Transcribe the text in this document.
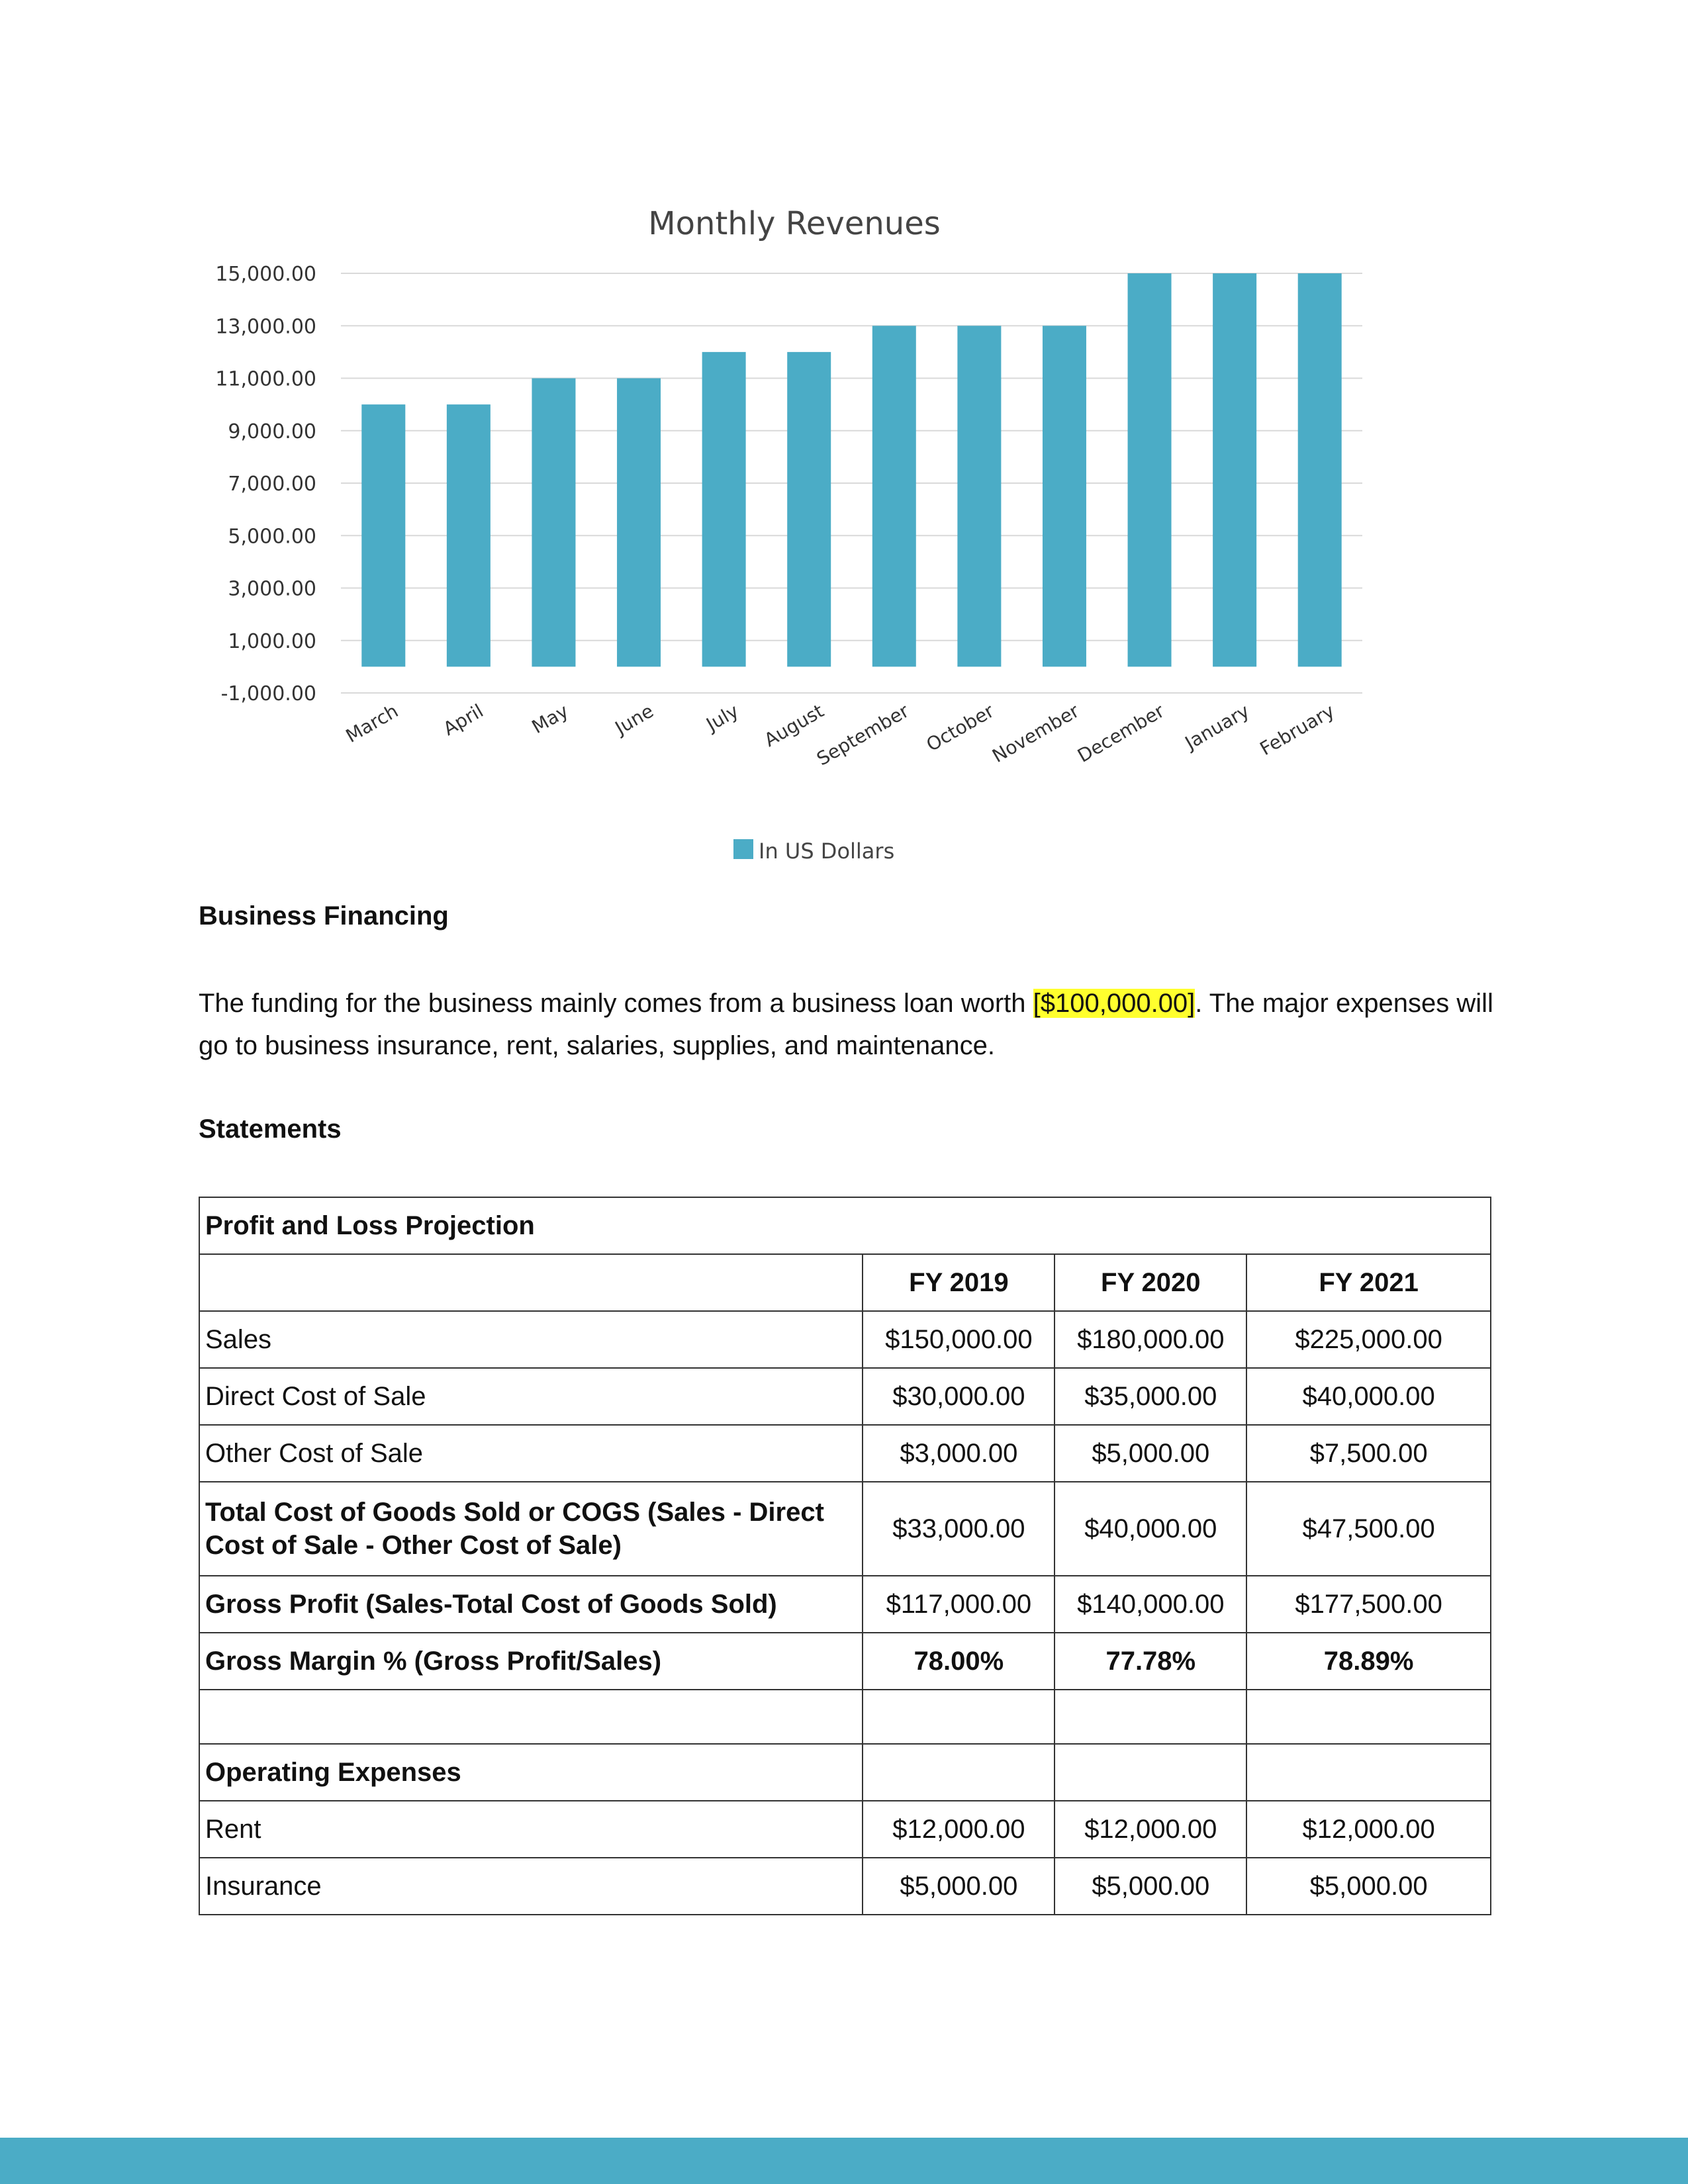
Monthly Revenues
15,000.00
13,000.00
11,000.00
9,000.00
7,000.00
5,000.00
3,000.00
1,000.00
-1,000.00
March April May June July August
September October
November
December January February
In US Dollars
Business Financing

The funding for the business mainly comes from a business loan worth [$100,000.00]. The major expenses will go to business insurance, rent, salaries, supplies, and maintenance.

Statements
Profit and Loss Projection			
	FY 2019	FY 2020	FY 2021
Sales	$150,000.00	$180,000.00	$225,000.00
Direct Cost of Sale	$30,000.00	$35,000.00	$40,000.00
Other Cost of Sale	$3,000.00	$5,000.00	$7,500.00
Total Cost of Goods Sold or COGS (Sales - Direct Cost of Sale - Other Cost of Sale)	$33,000.00	$40,000.00	$47,500.00
Gross Profit (Sales-Total Cost of Goods Sold)	$117,000.00	$140,000.00	$177,500.00
Gross Margin % (Gross Profit/Sales)	78.00%	77.78%	78.89%

Operating Expenses			
Rent	$12,000.00	$12,000.00	$12,000.00
Insurance	$5,000.00	$5,000.00	$5,000.00
